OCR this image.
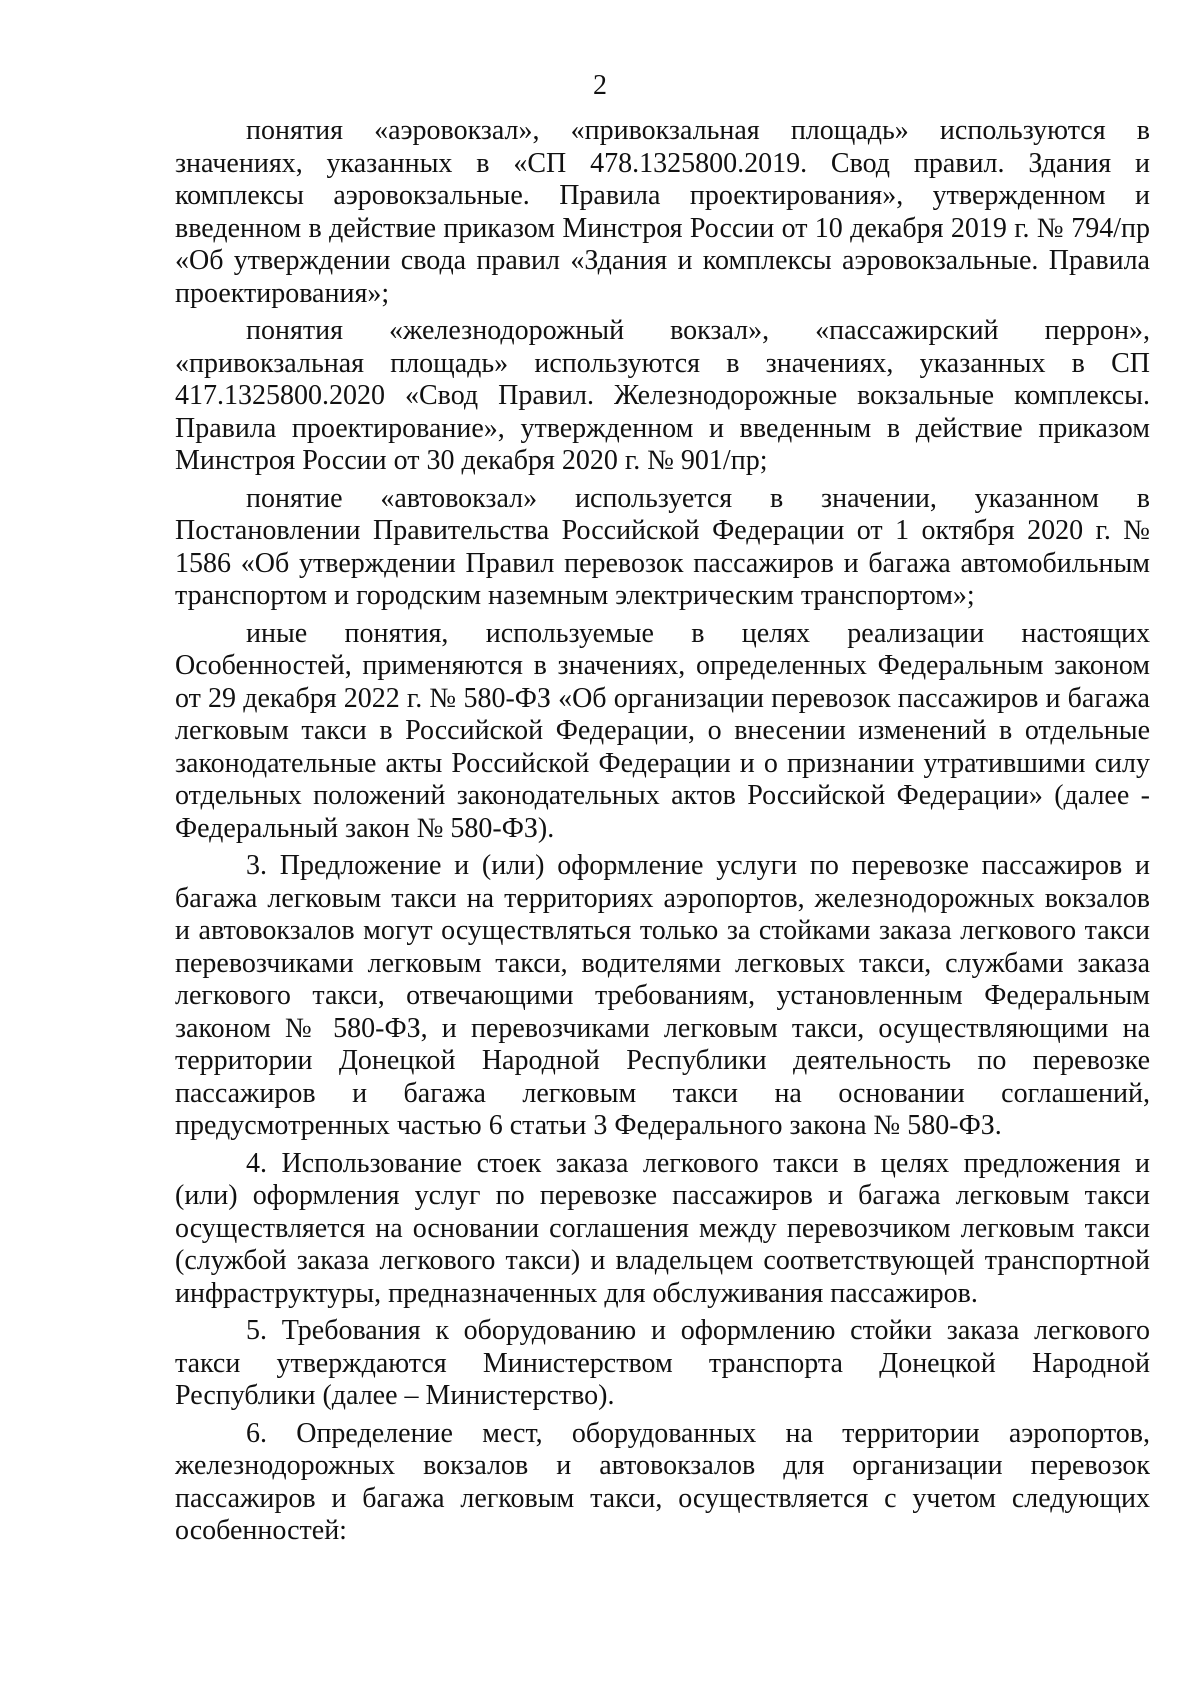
2

понятия «аэровокзал», «привокзальная площадь» используются в значениях, указанных в «СП 478.1325800.2019. Свод правил. Здания и комплексы аэровокзальные. Правила проектирования», утвержденном и введенном в действие приказом Минстроя России от 10 декабря 2019 г. № 794/пр «Об утверждении свода правил «Здания и комплексы аэровокзальные. Правила проектирования»;

понятия «железнодорожный вокзал», «пассажирский перрон», «привокзальная площадь» используются в значениях, указанных в СП 417.1325800.2020 «Свод Правил. Железнодорожные вокзальные комплексы. Правила проектирование», утвержденном и введенным в действие приказом Минстроя России от 30 декабря 2020 г. № 901/пр;

понятие «автовокзал» используется в значении, указанном в Постановлении Правительства Российской Федерации от 1 октября 2020 г. № 1586 «Об утверждении Правил перевозок пассажиров и багажа автомобильным транспортом и городским наземным электрическим транспортом»;

иные понятия, используемые в целях реализации настоящих Особенностей, применяются в значениях, определенных Федеральным законом от 29 декабря 2022 г. № 580-ФЗ «Об организации перевозок пассажиров и багажа легковым такси в Российской Федерации, о внесении изменений в отдельные законодательные акты Российской Федерации и о признании утратившими силу отдельных положений законодательных актов Российской Федерации» (далее - Федеральный закон № 580-ФЗ).

3. Предложение и (или) оформление услуги по перевозке пассажиров и багажа легковым такси на территориях аэропортов, железнодорожных вокзалов и автовокзалов могут осуществляться только за стойками заказа легкового такси перевозчиками легковым такси, водителями легковых такси, службами заказа легкового такси, отвечающими требованиям, установленным Федеральным законом № 580-ФЗ, и перевозчиками легковым такси, осуществляющими на территории Донецкой Народной Республики деятельность по перевозке пассажиров и багажа легковым такси на основании соглашений, предусмотренных частью 6 статьи 3 Федерального закона № 580-ФЗ.

4. Использование стоек заказа легкового такси в целях предложения и (или) оформления услуг по перевозке пассажиров и багажа легковым такси осуществляется на основании соглашения между перевозчиком легковым такси (службой заказа легкового такси) и владельцем соответствующей транспортной инфраструктуры, предназначенных для обслуживания пассажиров.

5. Требования к оборудованию и оформлению стойки заказа легкового такси утверждаются Министерством транспорта Донецкой Народной Республики (далее – Министерство).

6. Определение мест, оборудованных на территории аэропортов, железнодорожных вокзалов и автовокзалов для организации перевозок пассажиров и багажа легковым такси, осуществляется с учетом следующих особенностей:
